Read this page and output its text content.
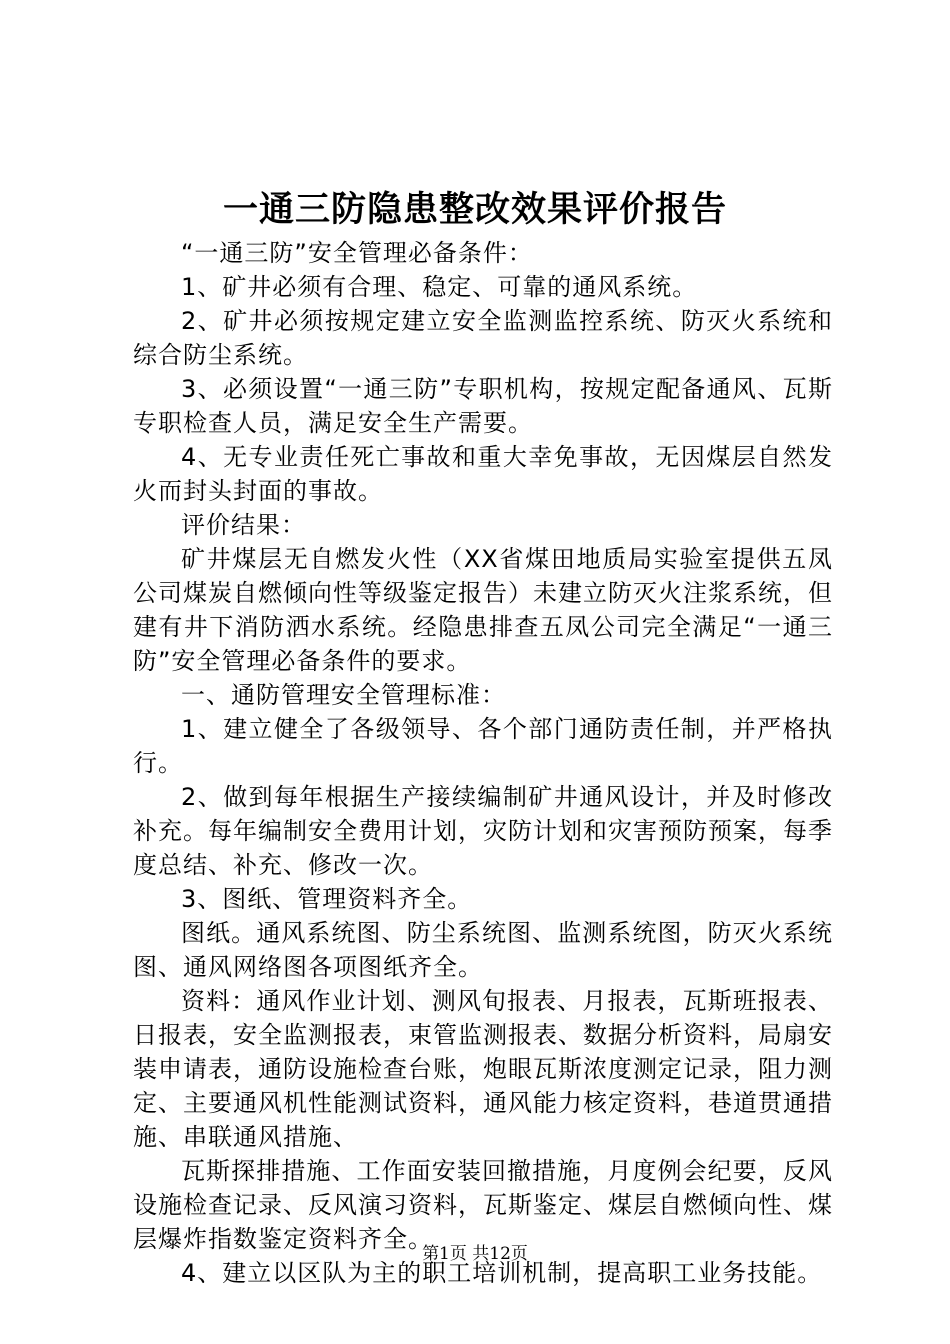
一通三防隐患整改效果评价报告

“一通三防”安全管理必备条件：

1、矿井必须有合理、稳定、可靠的通风系统。

2、矿井必须按规定建立安全监测监控系统、防灭火系统和综合防尘系统。

3、必须设置“一通三防”专职机构，按规定配备通风、瓦斯专职检查人员，满足安全生产需要。

4、无专业责任死亡事故和重大幸免事故，无因煤层自然发火而封头封面的事故。

评价结果：

矿井煤层无自燃发火性（XX省煤田地质局实验室提供五凤公司煤炭自燃倾向性等级鉴定报告）未建立防灭火注浆系统，但建有井下消防洒水系统。经隐患排查五凤公司完全满足“一通三防”安全管理必备条件的要求。

一、通防管理安全管理标准：

1、建立健全了各级领导、各个部门通防责任制，并严格执行。

2、做到每年根据生产接续编制矿井通风设计，并及时修改补充。每年编制安全费用计划，灾防计划和灾害预防预案，每季度总结、补充、修改一次。

3、图纸、管理资料齐全。

图纸。通风系统图、防尘系统图、监测系统图，防灭火系统图、通风网络图各项图纸齐全。

资料：通风作业计划、测风旬报表、月报表，瓦斯班报表、日报表，安全监测报表，束管监测报表、数据分析资料，局扇安装申请表，通防设施检查台账，炮眼瓦斯浓度测定记录，阻力测定、主要通风机性能测试资料，通风能力核定资料，巷道贯通措施、串联通风措施、

瓦斯探排措施、工作面安装回撤措施，月度例会纪要，反风设施检查记录、反风演习资料，瓦斯鉴定、煤层自燃倾向性、煤层爆炸指数鉴定资料齐全。

4、建立以区队为主的职工培训机制，提高职工业务技能。

第1页 共12页
